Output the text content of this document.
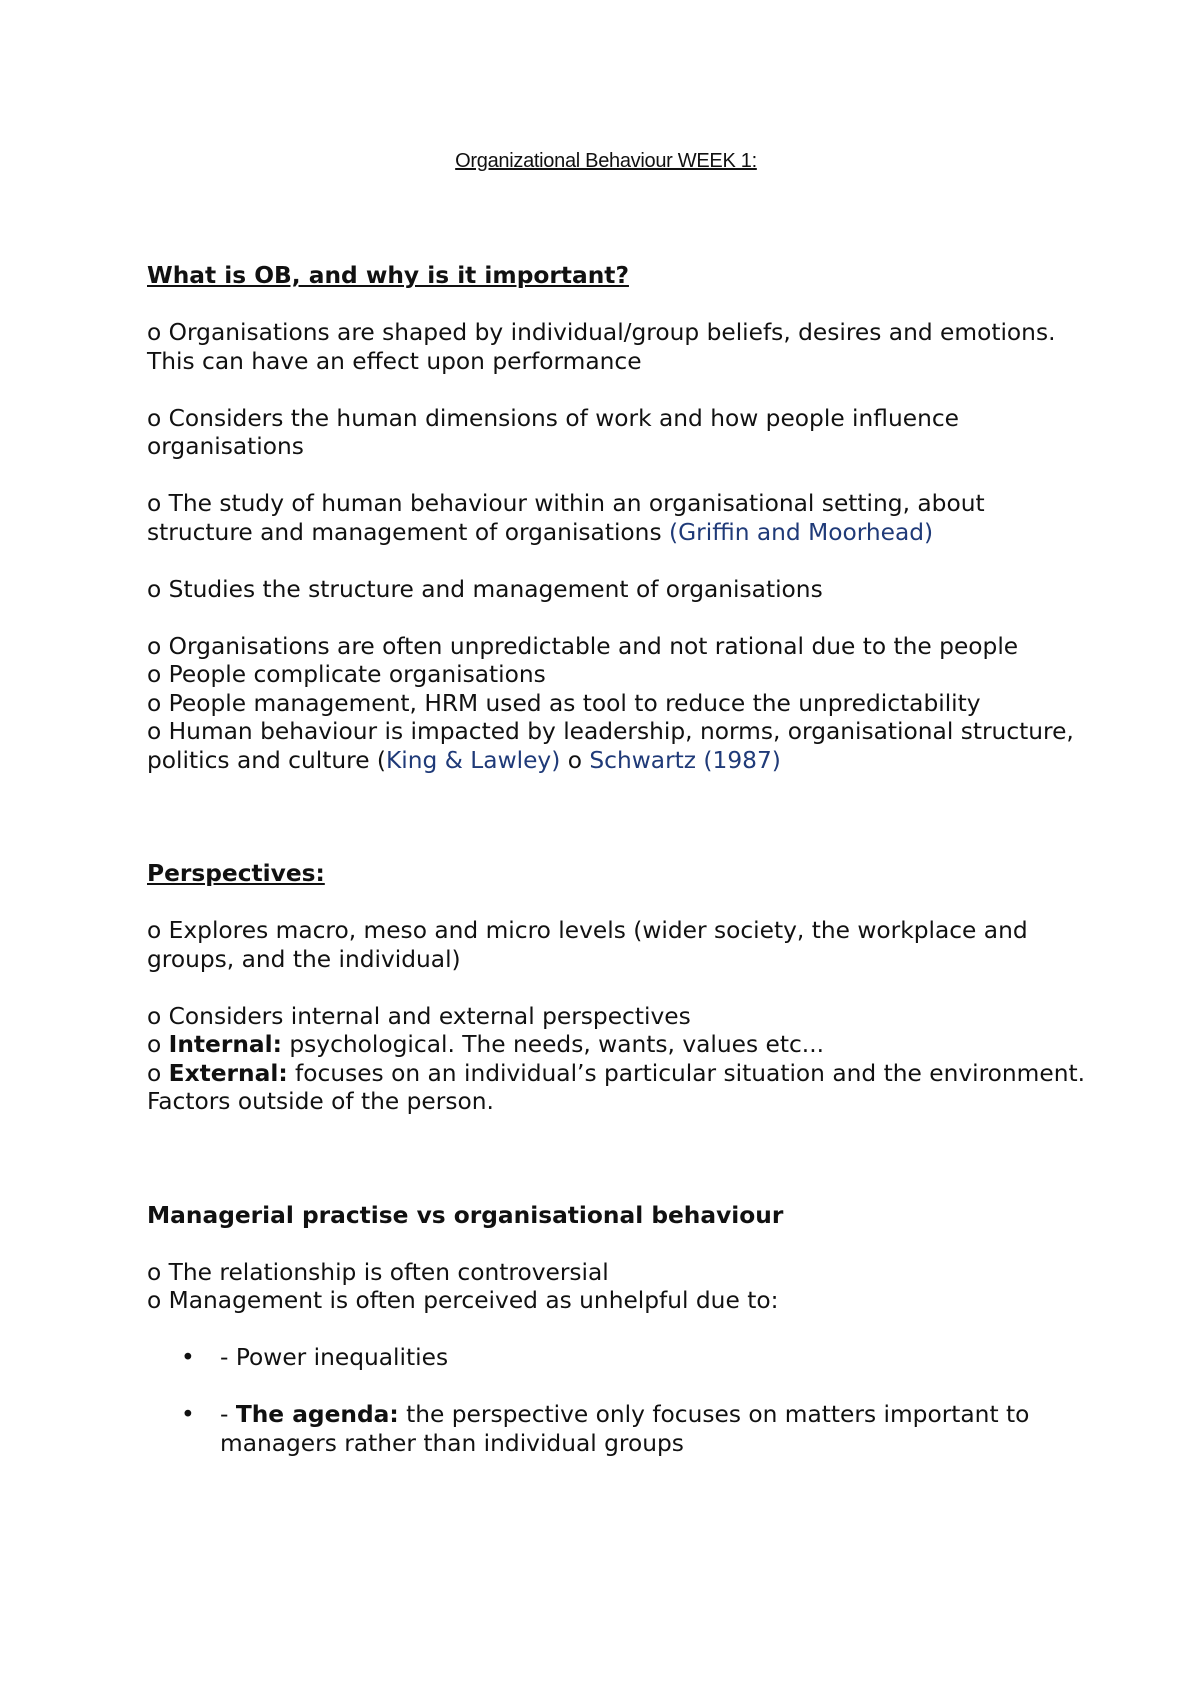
Organizational Behaviour WEEK 1:

What is OB, and why is it important?

o Organisations are shaped by individual/group beliefs, desires and emotions. This can have an effect upon performance

o Considers the human dimensions of work and how people influence organisations

o The study of human behaviour within an organisational setting, about structure and management of organisations (Griffin and Moorhead)

o Studies the structure and management of organisations

o Organisations are often unpredictable and not rational due to the people

o People complicate organisations

o People management, HRM used as tool to reduce the unpredictability

o Human behaviour is impacted by leadership, norms, organisational structure, politics and culture (King & Lawley) o Schwartz (1987)

Perspectives:

o Explores macro, meso and micro levels (wider society, the workplace and groups, and the individual)

o Considers internal and external perspectives

o Internal: psychological. The needs, wants, values etc...

o External: focuses on an individual’s particular situation and the environment. Factors outside of the person.

Managerial practise vs organisational behaviour

o The relationship is often controversial

o Management is often perceived as unhelpful due to:

• - Power inequalities
• - The agenda: the perspective only focuses on matters important to managers rather than individual groups
